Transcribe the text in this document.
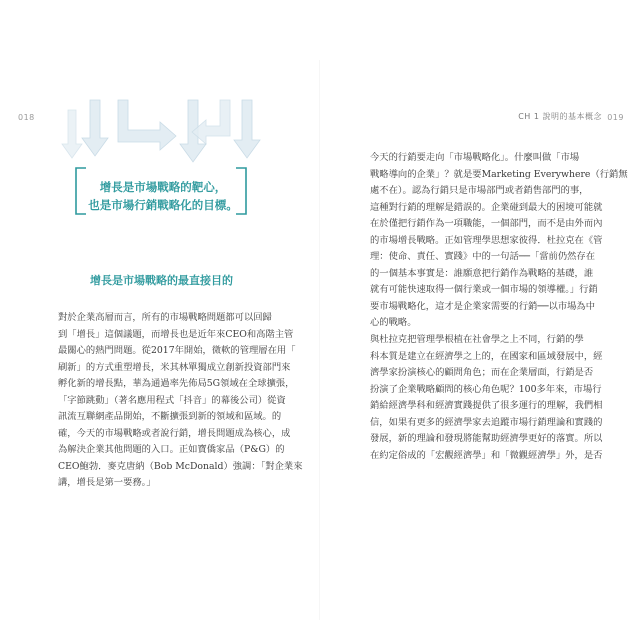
018
增長是市場戰略的靶心，
也是市場行銷戰略化的目標。
增長是市場戰略的最直接目的
對於企業高層而言，所有的市場戰略問題都可以回歸
到「增長」這個議題，而增長也是近年來CEO和高階主管
最關心的熱門問題。從2017年開始，微軟的管理層在用「
刷新」的方式重塑增長，米其林單獨成立創新投資部門來
孵化新的增長點，華為通過率先佈局5G領域在全球擴張，
「字節跳動」（著名應用程式「抖音」的幕後公司）從資
訊流互聯網產品開始，不斷擴張到新的領域和區域。的
確，今天的市場戰略或者說行銷，增長問題成為核心，成
為解決企業其他問題的入口。正如寶僑家品（P&G）的
CEO鮑勃．麥克唐納（Bob McDonald）強調：「對企業來
講，增長是第一要務。」
CH 1 說明的基本概念 019
今天的行銷要走向「市場戰略化」。什麼叫做「市場
戰略導向的企業」？就是要Marketing Everywhere（行銷無
處不在）。認為行銷只是市場部門或者銷售部門的事，
這種對行銷的理解是錯誤的。企業碰到最大的困境可能就
在於僅把行銷作為一項職能，一個部門，而不是由外而內
的市場增長戰略。正如管理學思想家彼得．杜拉克在《管
理：使命、責任、實踐》中的一句話──「當前仍然存在
的一個基本事實是：誰願意把行銷作為戰略的基礎，誰
就有可能快速取得一個行業或一個市場的領導權。」行銷
要市場戰略化，這才是企業家需要的行銷──以市場為中
心的戰略。
與杜拉克把管理學根植在社會學之上不同，行銷的學
科本質是建立在經濟學之上的，在國家和區域發展中，經
濟學家扮演核心的顧問角色；而在企業層面，行銷是否
扮演了企業戰略顧問的核心角色呢？100多年來，市場行
銷給經濟學科和經濟實踐提供了很多運行的理解，我們相
信，如果有更多的經濟學家去追蹤市場行銷理論和實踐的
發展，新的理論和發現將能幫助經濟學更好的落實。所以
在約定俗成的「宏觀經濟學」和「微觀經濟學」外，是否
